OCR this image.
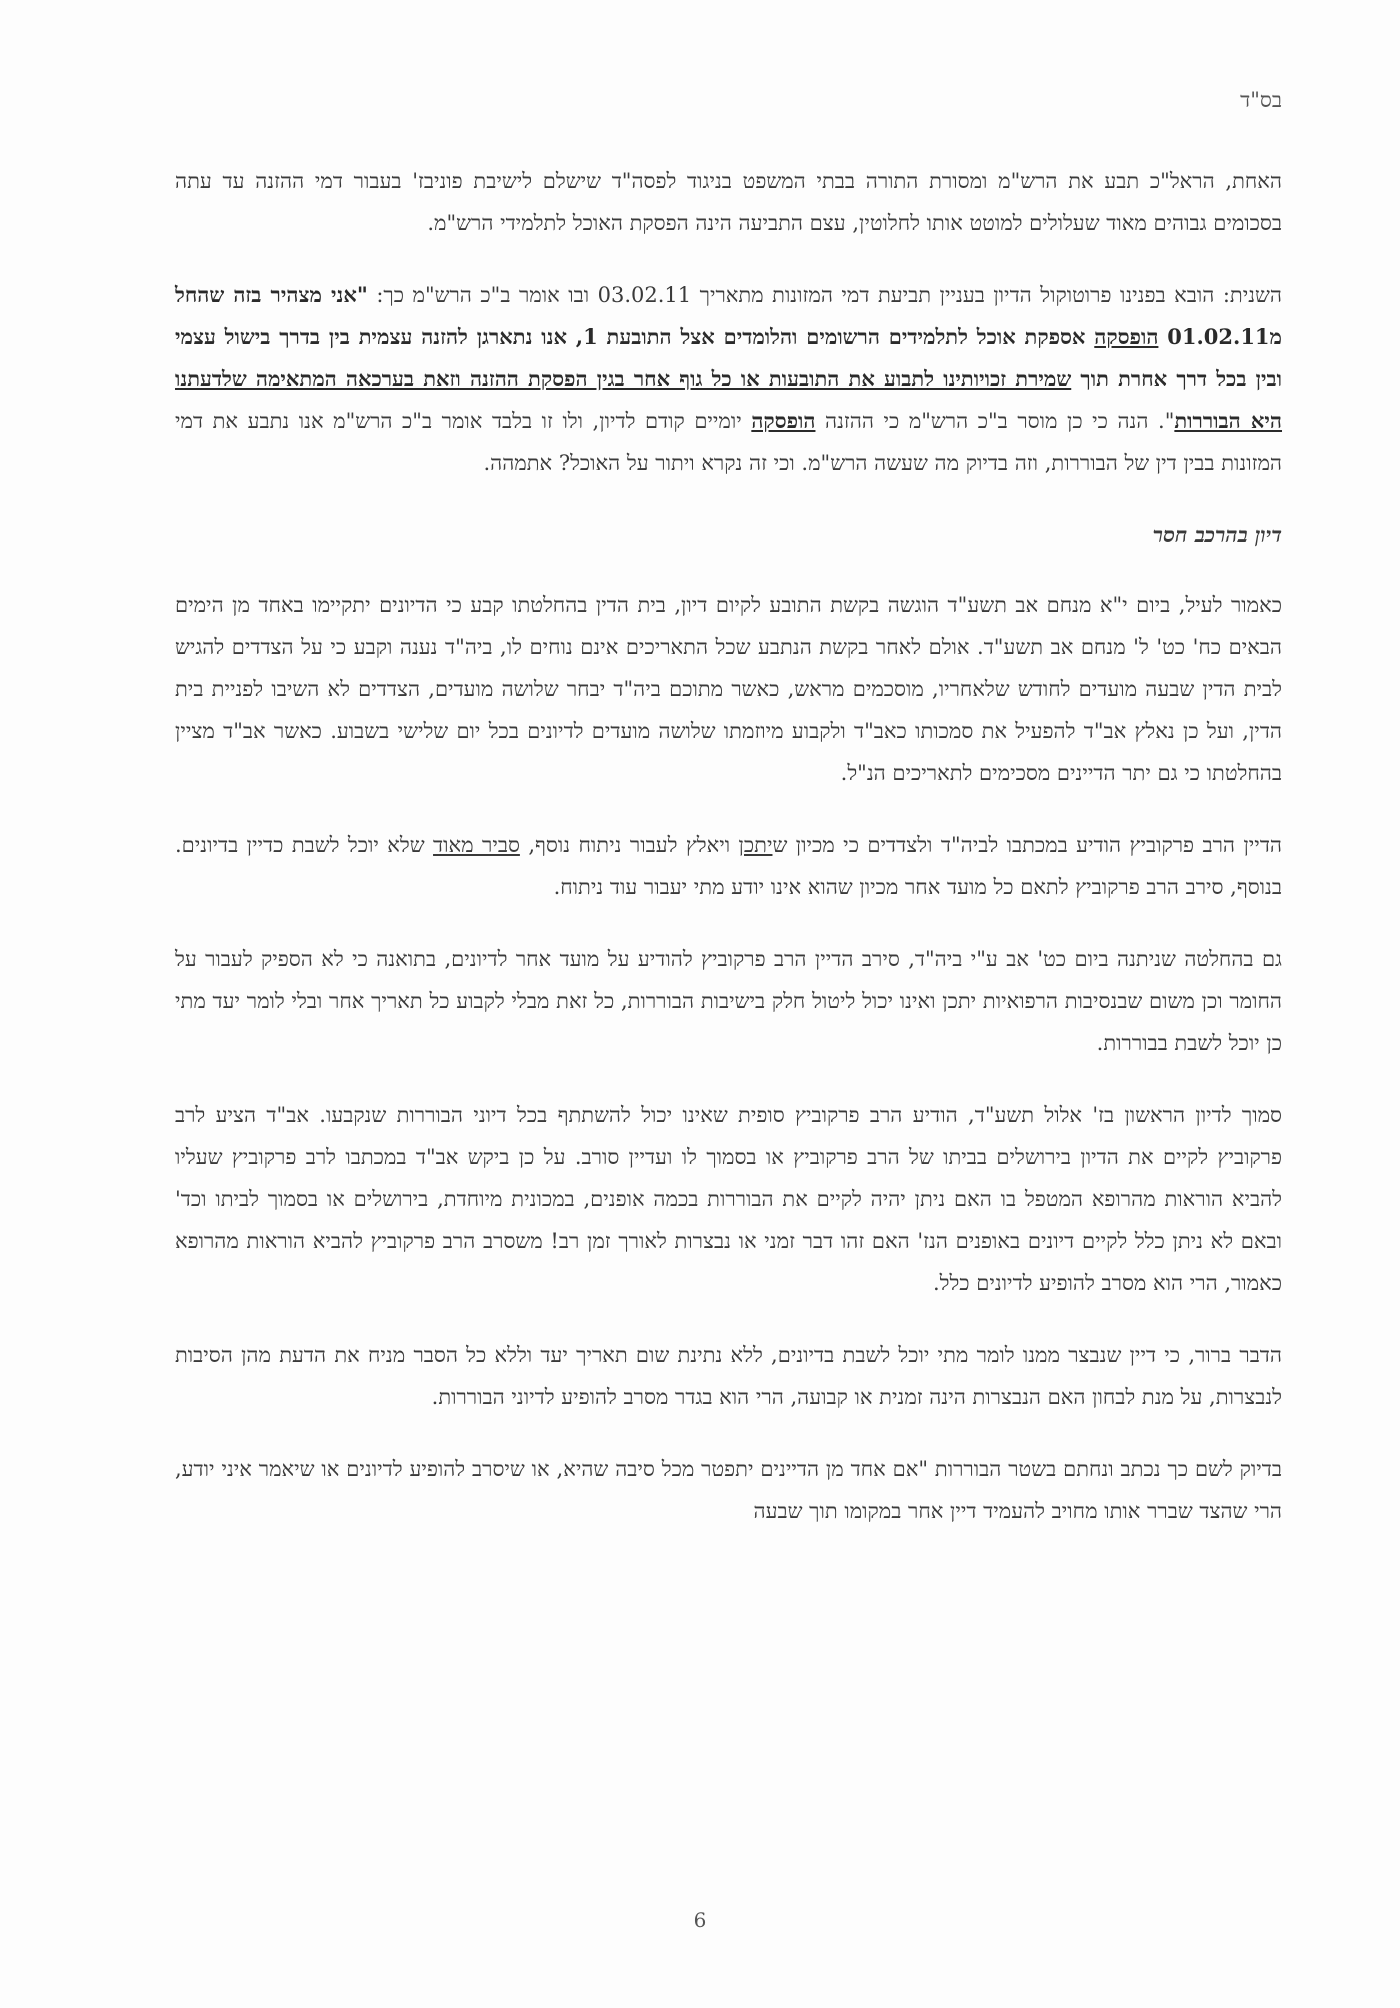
בס"ד

האחת, הראל"כ תבע את הרש"מ ומסורת התורה בבתי המשפט בניגוד לפסה"ד שישלם לישיבת פוניבז' בעבור דמי ההזנה עד עתה בסכומים גבוהים מאוד שעלולים למוטט אותו לחלוטין, עצם התביעה הינה הפסקת האוכל לתלמידי הרש"מ.

השנית: הובא בפנינו פרוטוקול הדיון בעניין תביעת דמי המזונות מתאריך 03.02.11 ובו אומר ב"כ הרש"מ כך: "אני מצהיר בזה שהחל מ01.02.11 הופסקה אספקת אוכל לתלמידים הרשומים והלומדים אצל התובעת 1, אנו נתארגן להזנה עצמית בין בדרך בישול עצמי ובין בכל דרך אחרת תוך שמירת זכויותינו לתבוע את התובעות או כל גוף אחר בגין הפסקת ההזנה וזאת בערכאה המתאימה שלדעתנו היא הבוררות". הנה כי כן מוסר ב"כ הרש"מ כי ההזנה הופסקה יומיים קודם לדיון, ולו זו בלבד אומר ב"כ הרש"מ אנו נתבע את דמי המזונות בבין דין של הבוררות, וזה בדיוק מה שעשה הרש"מ. וכי זה נקרא ויתור על האוכל? אתמהה.

דיון בהרכב חסר

כאמור לעיל, ביום י"א מנחם אב תשע"ד הוגשה בקשת התובע לקיום דיון, בית הדין בהחלטתו קבע כי הדיונים יתקיימו באחד מן הימים הבאים כח' כט' ל' מנחם אב תשע"ד. אולם לאחר בקשת הנתבע שכל התאריכים אינם נוחים לו, ביה"ד נענה וקבע כי על הצדדים להגיש לבית הדין שבעה מועדים לחודש שלאחריו, מוסכמים מראש, כאשר מתוכם ביה"ד יבחר שלושה מועדים, הצדדים לא השיבו לפניית בית הדין, ועל כן נאלץ אב"ד להפעיל את סמכותו כאב"ד ולקבוע מיוזמתו שלושה מועדים לדיונים בכל יום שלישי בשבוע. כאשר אב"ד מציין בהחלטתו כי גם יתר הדיינים מסכימים לתאריכים הנ"ל.

הדיין הרב פרקוביץ הודיע במכתבו לביה"ד ולצדדים כי מכיון שיתכן ויאלץ לעבור ניתוח נוסף, סביר מאוד שלא יוכל לשבת כדיין בדיונים. בנוסף, סירב הרב פרקוביץ לתאם כל מועד אחר מכיון שהוא אינו יודע מתי יעבור עוד ניתוח.

גם בהחלטה שניתנה ביום כט' אב ע"י ביה"ד, סירב הדיין הרב פרקוביץ להודיע על מועד אחר לדיונים, בתואנה כי לא הספיק לעבור על החומר וכן משום שבנסיבות הרפואיות יתכן ואינו יכול ליטול חלק בישיבות הבוררות, כל זאת מבלי לקבוע כל תאריך אחר ובלי לומר יעד מתי כן יוכל לשבת בבוררות.

סמוך לדיון הראשון בז' אלול תשע"ד, הודיע הרב פרקוביץ סופית שאינו יכול להשתתף בכל דיוני הבוררות שנקבעו. אב"ד הציע לרב פרקוביץ לקיים את הדיון בירושלים בביתו של הרב פרקוביץ או בסמוך לו ועדיין סורב. על כן ביקש אב"ד במכתבו לרב פרקוביץ שעליו להביא הוראות מהרופא המטפל בו האם ניתן יהיה לקיים את הבוררות בכמה אופנים, במכונית מיוחדת, בירושלים או בסמוך לביתו וכד' ובאם לא ניתן כלל לקיים דיונים באופנים הנז' האם זהו דבר זמני או נבצרות לאורך זמן רב! משסרב הרב פרקוביץ להביא הוראות מהרופא כאמור, הרי הוא מסרב להופיע לדיונים כלל.

הדבר ברור, כי דיין שנבצר ממנו לומר מתי יוכל לשבת בדיונים, ללא נתינת שום תאריך יעד וללא כל הסבר מניח את הדעת מהן הסיבות לנבצרות, על מנת לבחון האם הנבצרות הינה זמנית או קבועה, הרי הוא בגדר מסרב להופיע לדיוני הבוררות.

בדיוק לשם כך נכתב ונחתם בשטר הבוררות "אם אחד מן הדיינים יתפטר מכל סיבה שהיא, או שיסרב להופיע לדיונים או שיאמר איני יודע, הרי שהצד שברר אותו מחויב להעמיד דיין אחר במקומו תוך שבעה

6
